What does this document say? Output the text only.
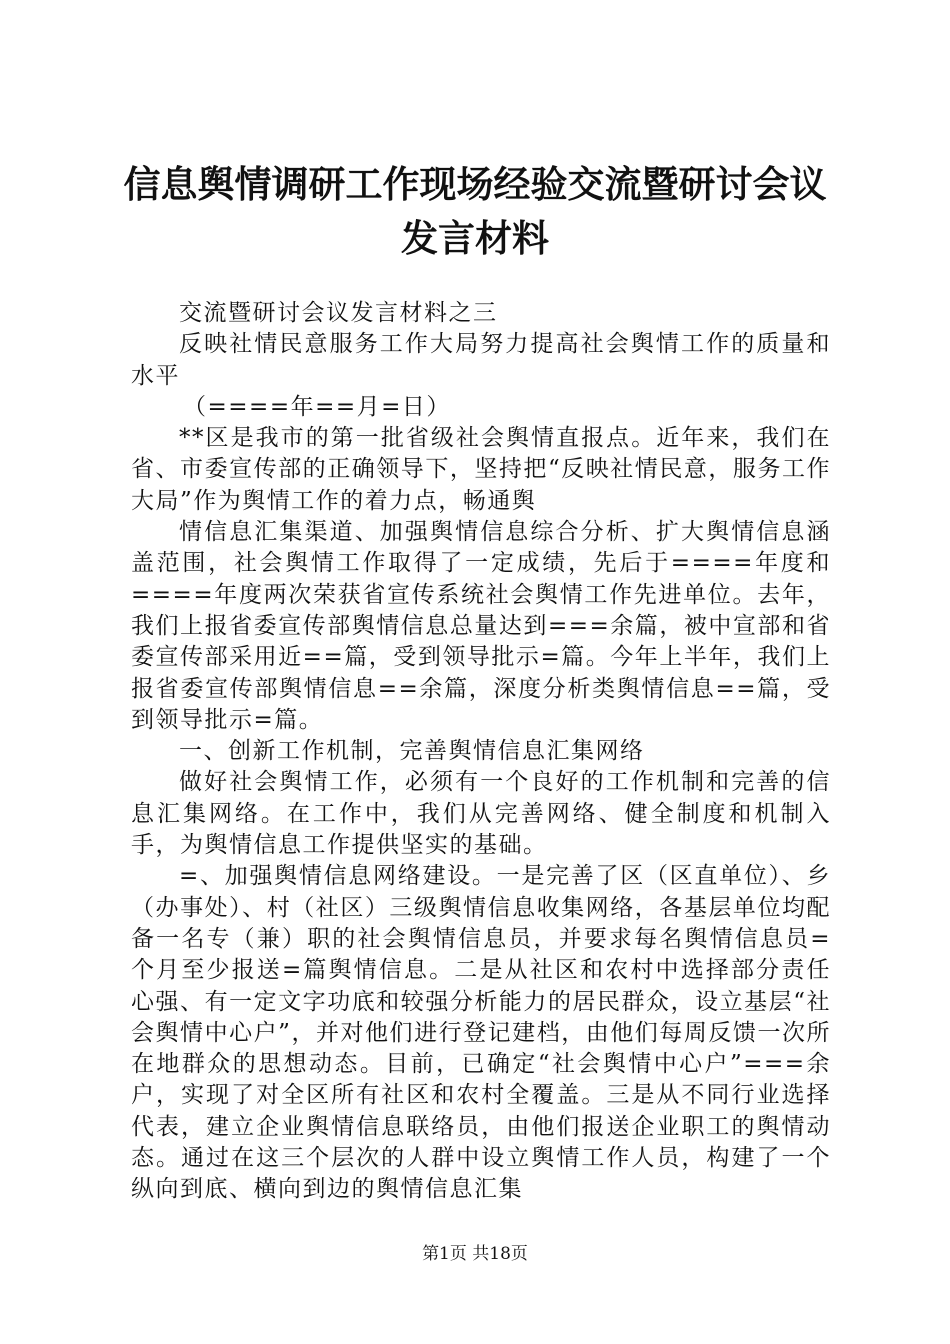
信息舆情调研工作现场经验交流暨研讨会议发言材料

交流暨研讨会议发言材料之三

反映社情民意服务工作大局努力提高社会舆情工作的质量和水平

（====年==月=日）

**区是我市的第一批省级社会舆情直报点。近年来，我们在省、市委宣传部的正确领导下，坚持把“反映社情民意，服务工作大局”作为舆情工作的着力点，畅通舆

情信息汇集渠道、加强舆情信息综合分析、扩大舆情信息涵盖范围，社会舆情工作取得了一定成绩，先后于====年度和====年度两次荣获省宣传系统社会舆情工作先进单位。去年，我们上报省委宣传部舆情信息总量达到===余篇，被中宣部和省委宣传部采用近==篇，受到领导批示=篇。今年上半年，我们上报省委宣传部舆情信息==余篇，深度分析类舆情信息==篇，受到领导批示=篇。

一、创新工作机制，完善舆情信息汇集网络

做好社会舆情工作，必须有一个良好的工作机制和完善的信息汇集网络。在工作中，我们从完善网络、健全制度和机制入手，为舆情信息工作提供坚实的基础。

=、加强舆情信息网络建设。一是完善了区（区直单位）、乡（办事处）、村（社区）三级舆情信息收集网络，各基层单位均配备一名专（兼）职的社会舆情信息员，并要求每名舆情信息员=个月至少报送=篇舆情信息。二是从社区和农村中选择部分责任心强、有一定文字功底和较强分析能力的居民群众，设立基层“社会舆情中心户”，并对他们进行登记建档，由他们每周反馈一次所在地群众的思想动态。目前，已确定“社会舆情中心户”===余户，实现了对全区所有社区和农村全覆盖。三是从不同行业选择代表，建立企业舆情信息联络员，由他们报送企业职工的舆情动态。通过在这三个层次的人群中设立舆情工作人员，构建了一个纵向到底、横向到边的舆情信息汇集

第1页 共18页
